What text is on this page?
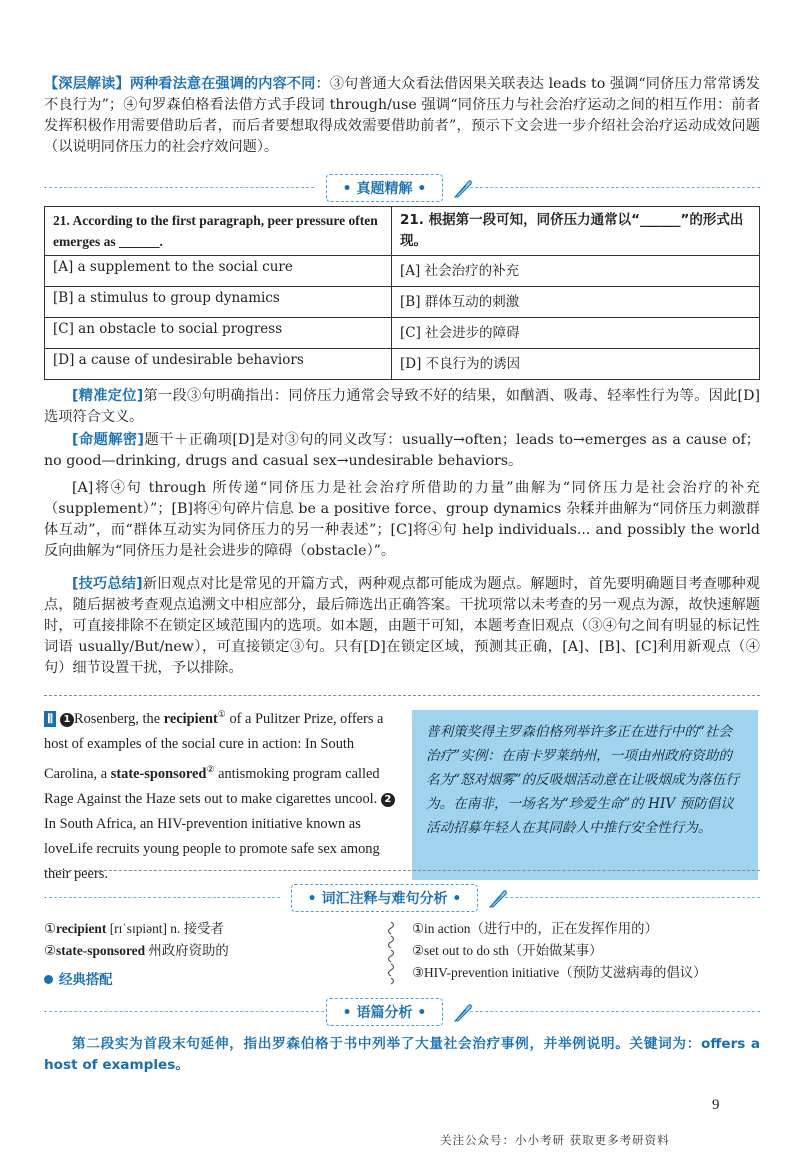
【深层解读】两种看法意在强调的内容不同：③句普通大众看法借因果关联表达 leads to 强调“同侪压力常常诱发不良行为”；④句罗森伯格看法借方式手段词 through/use 强调“同侪压力与社会治疗运动之间的相互作用：前者发挥积极作用需要借助后者，而后者要想取得成效需要借助前者”，预示下文会进一步介绍社会治疗运动成效问题（以说明同侪压力的社会疗效问题）。
• 真题精解 •
21. According to the first paragraph, peer pressure often emerges as ______.	21. 根据第一段可知，同侪压力通常以“______”的形式出现。
[A] a supplement to the social cure	[A] 社会治疗的补充
[B] a stimulus to group dynamics	[B] 群体互动的刺激
[C] an obstacle to social progress	[C] 社会进步的障碍
[D] a cause of undesirable behaviors	[D] 不良行为的诱因
[精准定位]第一段③句明确指出：同侪压力通常会导致不好的结果，如酗酒、吸毒、轻率性行为等。因此[D]选项符合文义。
[命题解密]题干＋正确项[D]是对③句的同义改写：usually→often；leads to→emerges as a cause of；no good—drinking, drugs and casual sex→undesirable behaviors。
[A]将④句 through 所传递“同侪压力是社会治疗所借助的力量”曲解为“同侪压力是社会治疗的补充（supplement）”；[B]将④句碎片信息 be a positive force、group dynamics 杂糅并曲解为“同侪压力刺激群体互动”，而“群体互动实为同侪压力的另一种表述”；[C]将④句 help individuals... and possibly the world 反向曲解为“同侪压力是社会进步的障碍（obstacle）”。
[技巧总结]新旧观点对比是常见的开篇方式，两种观点都可能成为题点。解题时，首先要明确题目考查哪种观点，随后据被考查观点追溯文中相应部分，最后筛选出正确答案。干扰项常以未考查的另一观点为源，故快速解题时，可直接排除不在锁定区域范围内的选项。如本题，由题干可知，本题考查旧观点（③④句之间有明显的标记性词语 usually/But/new），可直接锁定③句。只有[D]在锁定区域，预测其正确，[A]、[B]、[C]利用新观点（④句）细节设置干扰，予以排除。
Ⅱ 1 Rosenberg, the recipient① of a Pulitzer Prize, offers a host of examples of the social cure in action: In South Carolina, a state-sponsored② antismoking program called Rage Against the Haze sets out to make cigarettes uncool. 2In South Africa, an HIV-prevention initiative known as loveLife recruits young people to promote safe sex among their peers.
普利策奖得主罗森伯格列举许多正在进行中的“社会治疗”实例：在南卡罗莱纳州，一项由州政府资助的名为“怒对烟雾”的反吸烟活动意在让吸烟成为落伍行为。在南非，一场名为“珍爱生命”的 HIV 预防倡议活动招募年轻人在其同龄人中推行安全性行为。
• 词汇注释与难句分析 •
①recipient [rɪˈsɪpiənt] n. 接受者
②state-sponsored 州政府资助的
经典搭配
①in action（进行中的，正在发挥作用的）
②set out to do sth（开始做某事）
③HIV-prevention initiative（预防艾滋病毒的倡议）
• 语篇分析 •
第二段实为首段末句延伸，指出罗森伯格于书中列举了大量社会治疗事例，并举例说明。关键词为：offers a host of examples。
9
关注公众号：小小考研 获取更多考研资料
